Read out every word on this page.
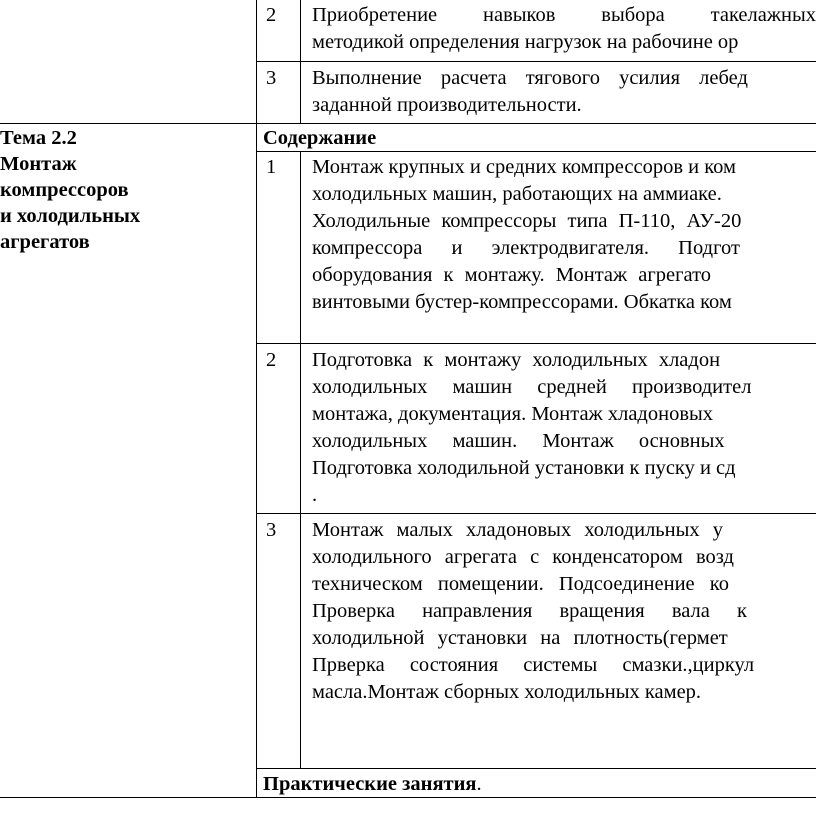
2 Приобретение навыков выбора такелажных
методикой определения нагрузок на рабочине ор
3 Выполнение расчета тягового усилия лебед
заданной производительности.
Тема 2.2
Монтаж
компрессоров
и холодильных
агрегатов
Содержание
1 Монтаж крупных и средних компрессоров и ком
холодильных машин, работающих на аммиаке.
Холодильные компрессоры типа П-110, АУ-20
компрессора и электродвигателя. Подгот
оборудования к монтажу. Монтаж агрегато
винтовыми бустер-компрессорами. Обкатка ком
2 Подготовка к монтажу холодильных хладон
холодильных машин средней производител
монтажа, документация. Монтаж хладоновых
холодильных машин. Монтаж основных
Подготовка холодильной установки к пуску и сд
.
3 Монтаж малых хладоновых холодильных у
холодильного агрегата с конденсатором возд
техническом помещении. Подсоединение ко
Проверка направления вращения вала к
холодильной установки на плотность(гермет
Прверка состояния системы смазки.,циркул
масла.Монтаж сборных холодильных камер.
Практические занятия.
